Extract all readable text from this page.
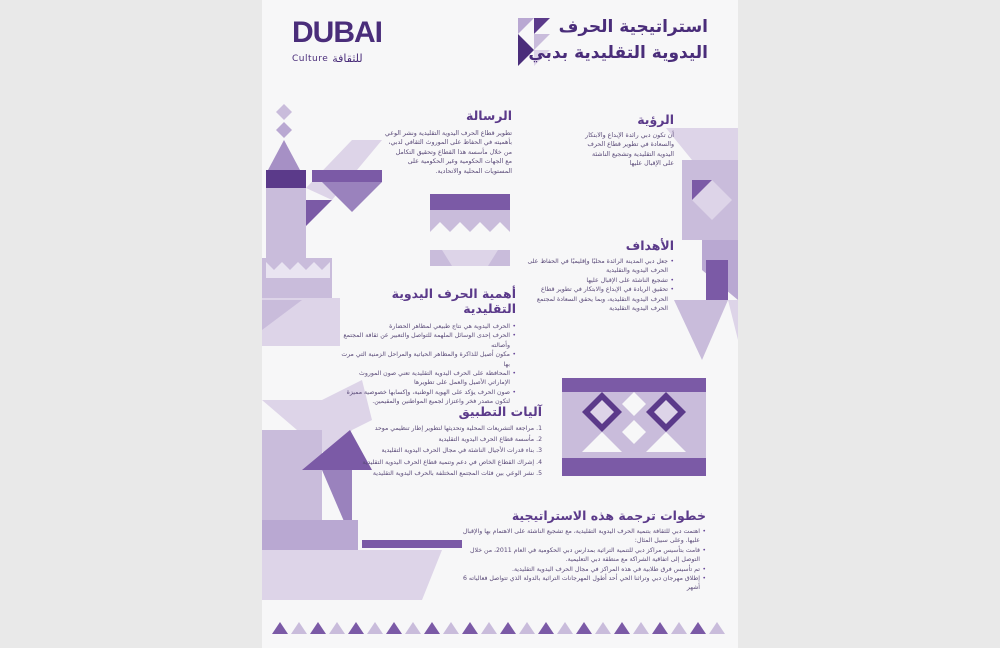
DUBAI
Culture للثقافة
استراتيجية الحرف
اليدوية التقليدية بدبي
الرسالة
تطوير قطاع الحرف اليدوية التقليدية ونشر الوعي
بأهميته في الحفاظ على الموروث الثقافي لدبي،
من خلال مأسسة هذا القطاع وتحقيق التكامل
مع الجهات الحكومية وغير الحكومية على
المستويات المحلية والاتحادية.
الرؤية
أن تكون دبي رائدة الإبداع والابتكار
والسعادة في تطوير قطاع الحرف
اليدوية التقليدية وتشجيع الناشئة
على الإقبال عليها
الأهداف
• جعل دبي المدينة الرائدة محليًا وإقليميًا في الحفاظ على الحرف اليدوية والتقليدية
• تشجيع الناشئة على الإقبال عليها
• تحقيق الريادة في الإبداع والابتكار في تطوير قطاع الحرف اليدوية التقليدية، وبما يحقق السعادة لمجتمع الحرف اليدوية التقليدية
أهمية الحرف اليدوية التقليدية
• الحرف اليدوية هي نتاج طبيعي لمظاهر الحضارة
• الحرف إحدى الوسائل الملهمة للتواصل والتعبير عن ثقافة المجتمع وأصالته
• مكون أصيل للذاكرة والمظاهر الحياتية والمراحل الزمنية التي مرت بها
• المحافظة على الحرف اليدوية التقليدية تعني صون الموروث الإماراتي الأصيل والعمل على تطويرها
• صون الحرف يؤكد على الهوية الوطنية، وإكسابها خصوصية مميزة لتكون مصدر فخر واعتزاز لجميع المواطنين والمقيمين.
آليات التطبيق
1. مراجعة التشريعات المحلية وتحديثها لتطوير إطار تنظيمي موحد
2. مأسسة قطاع الحرف اليدوية التقليدية
3. بناء قدرات الأجيال الناشئة في مجال الحرف اليدوية التقليدية
4. إشراك القطاع الخاص في دعم وتنمية قطاع الحرف اليدوية التقليدية
5. نشر الوعي بين فئات المجتمع المختلفة بالحرف اليدوية التقليدية
خطوات ترجمة هذه الاستراتيجية
• اهتمت دبي للثقافة بتنمية الحرف اليدوية التقليدية، مع تشجيع الناشئة على الاهتمام بها والإقبال عليها. وعلى سبيل المثال:
• قامت بتأسيس مراكز دبي للتنمية التراثية بمدارس دبي الحكومية في العام 2011، من خلال التوصل إلى اتفاقية الشراكة مع منطقة دبي التعليمية.
• تم تأسيس فرق طلابية في هذه المراكز في مجال الحرف اليدوية التقليدية.
• إطلاق مهرجان دبي وتراثنا الحي أحد أطول المهرجانات التراثية بالدولة الذي تتواصل فعالياته 6 أشهر
